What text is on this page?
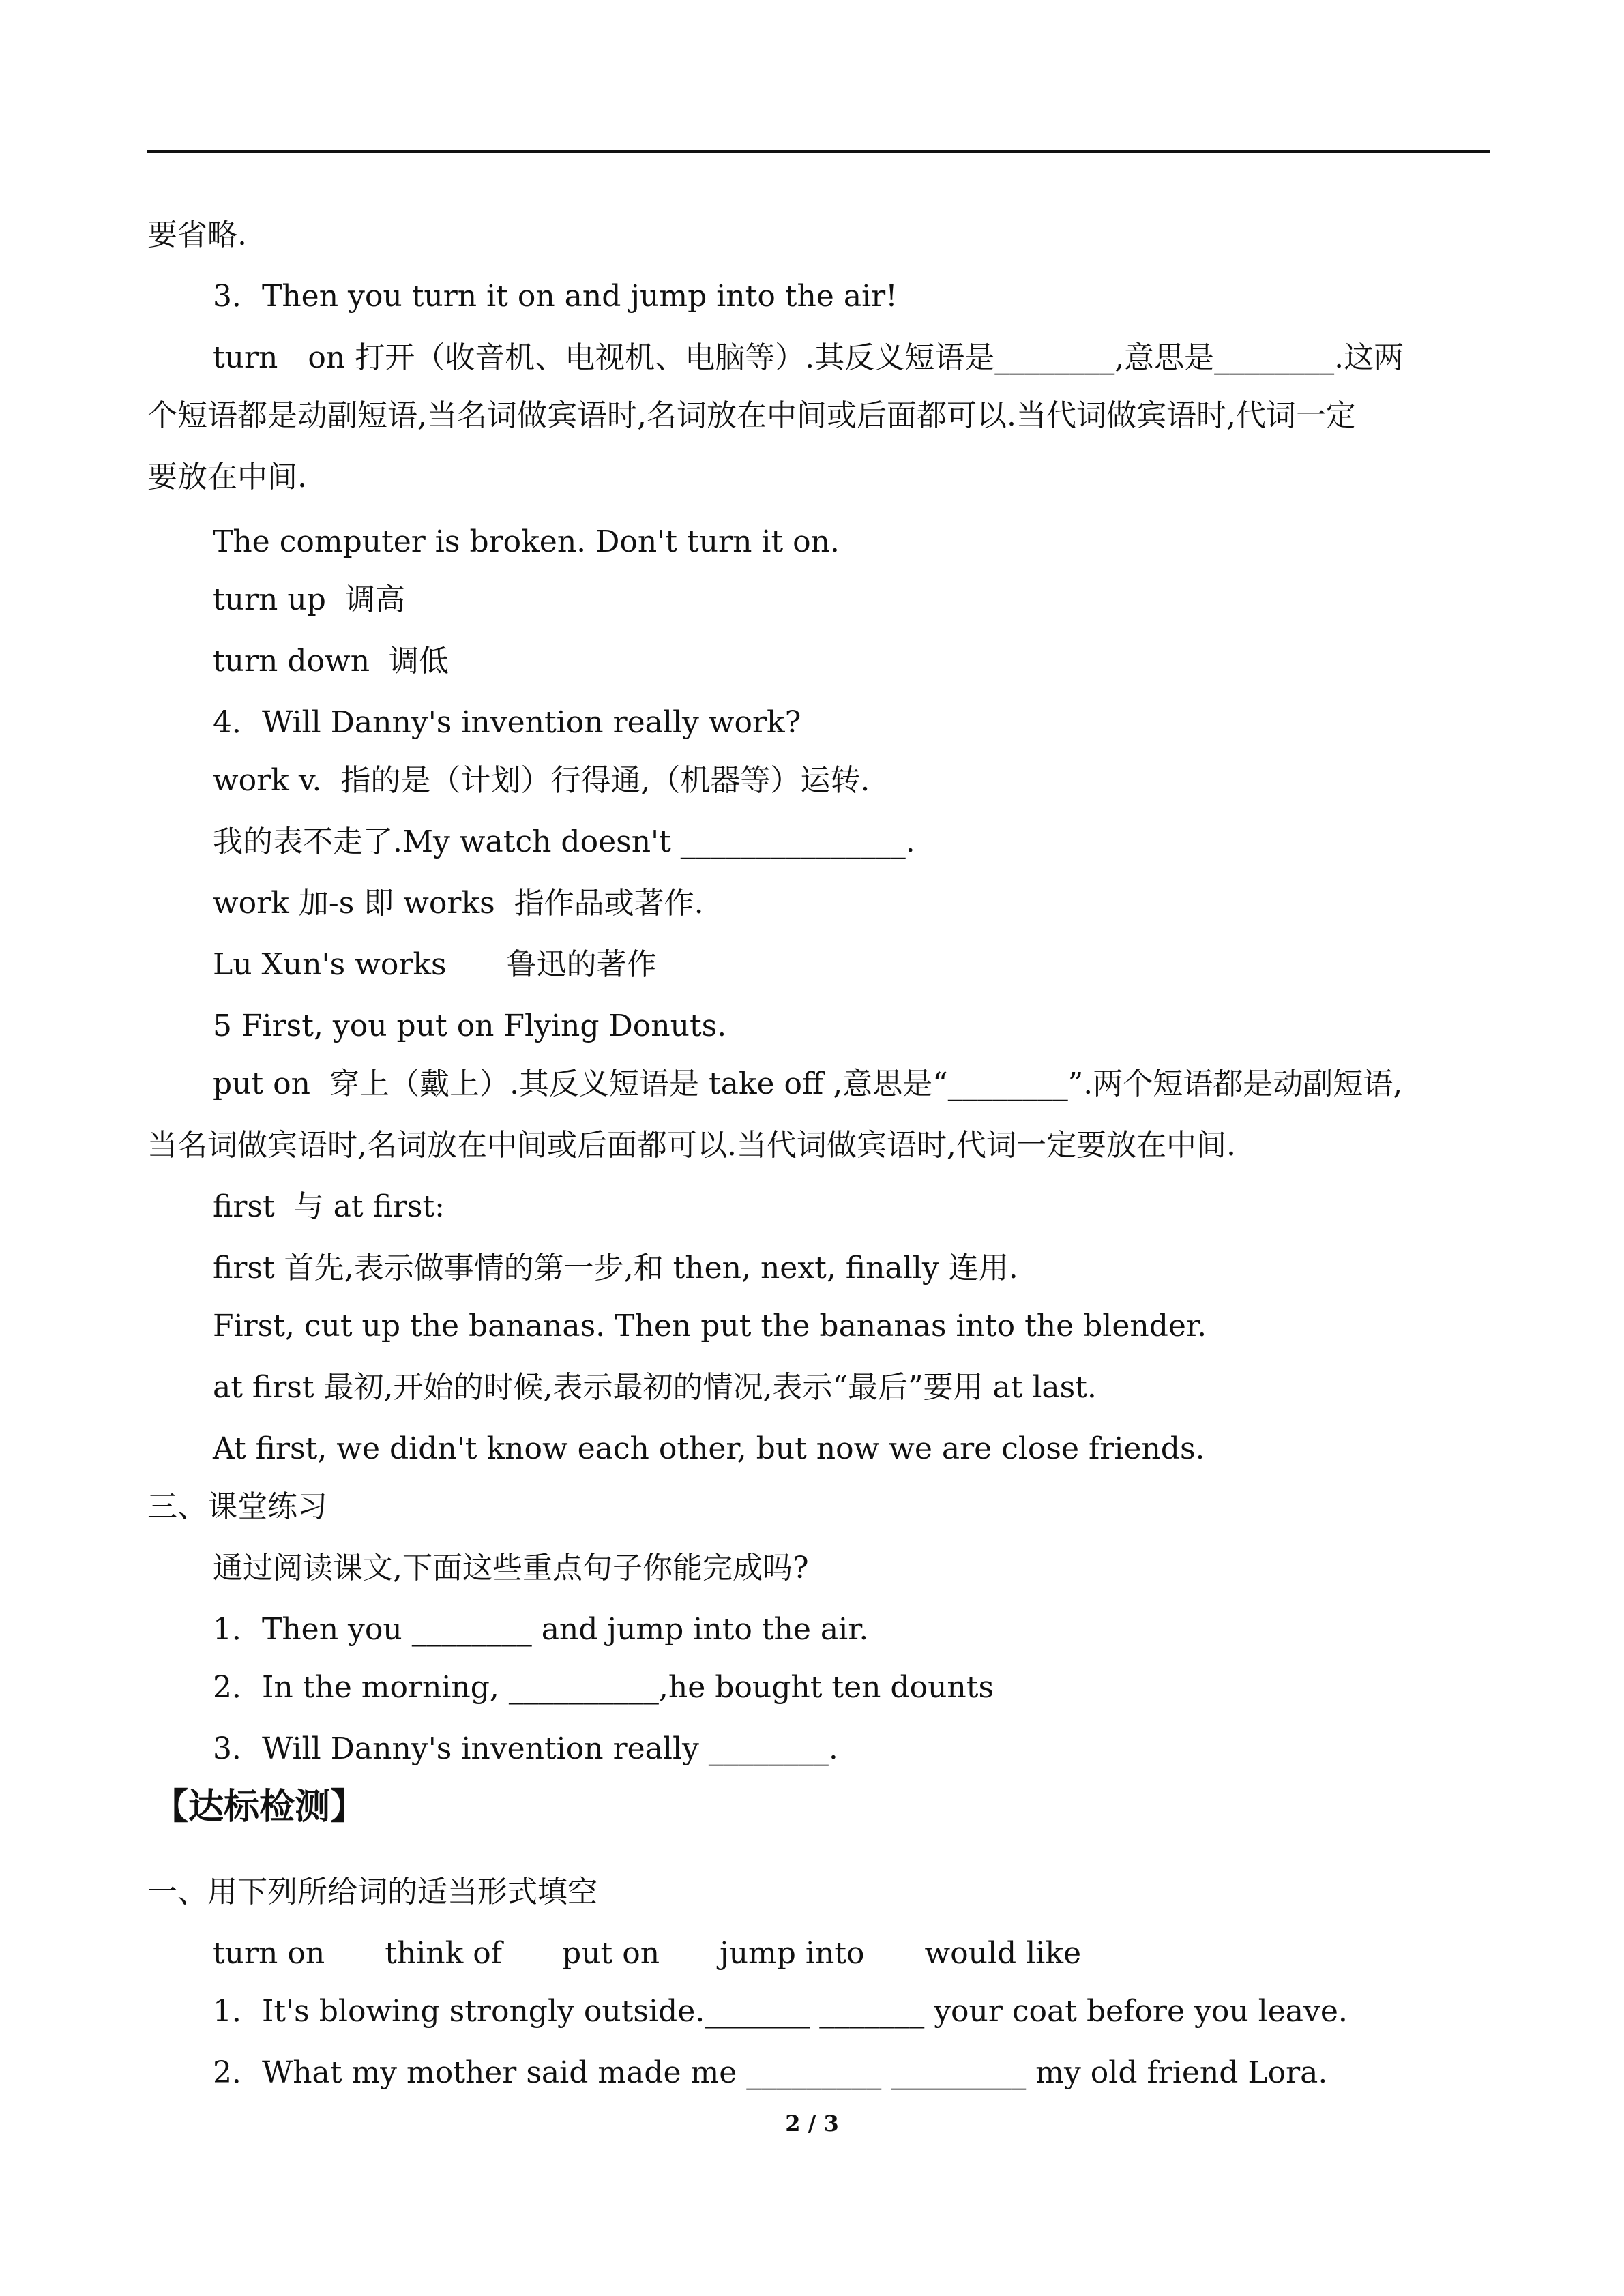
要省略.
3．Then you turn it on and jump into the air!
turn　on 打开（收音机、电视机、电脑等）.其反义短语是________,意思是________.这两
个短语都是动副短语,当名词做宾语时,名词放在中间或后面都可以.当代词做宾语时,代词一定
要放在中间.
The computer is broken. Don't turn it on.
turn up  调高
turn down  调低
4．Will Danny's invention really work?
work v.  指的是（计划）行得通,（机器等）运转.
我的表不走了.My watch doesn't _______________.
work 加-s 即 works  指作品或著作.
Lu Xun's works　　鲁迅的著作
5 First, you put on Flying Donuts.
put on  穿上（戴上）.其反义短语是 take off ,意思是“________”.两个短语都是动副短语,
当名词做宾语时,名词放在中间或后面都可以.当代词做宾语时,代词一定要放在中间.
first  与 at first:
first 首先,表示做事情的第一步,和 then, next, finally 连用.
First, cut up the bananas. Then put the bananas into the blender.
at first 最初,开始的时候,表示最初的情况,表示“最后”要用 at last.
At first, we didn't know each other, but now we are close friends.
三、课堂练习
通过阅读课文,下面这些重点句子你能完成吗?
1．Then you ________ and jump into the air.
2．In the morning, __________,he bought ten dounts
3．Will Danny's invention really ________.
【达标检测】
一、用下列所给词的适当形式填空
turn on　　think of　　put on　　jump into　　would like
1．It's blowing strongly outside._______ _______ your coat before you leave.
2．What my mother said made me _________ _________ my old friend Lora.
2 / 3
